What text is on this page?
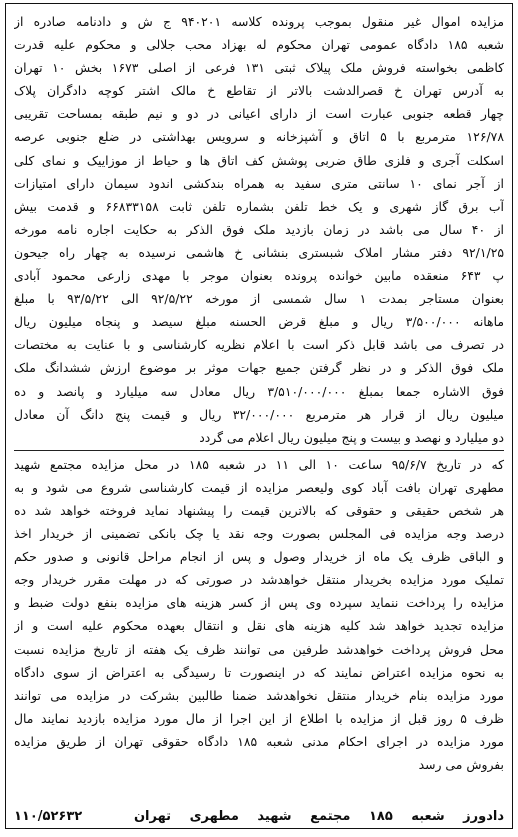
مزایده اموال غیر منقول بموجب پرونده کلاسه ۹۴۰۲۰۱ ج ش و دادنامه صادره از
شعبه ۱۸۵ دادگاه عمومی تهران محکوم له بهزاد محب جلالی و محکوم علیه قدرت
کاظمی بخواسته فروش ملک پیلاک ثبتی ۱۳۱ فرعی از اصلی ۱۶۷۳ بخش ۱۰ تهران
به آدرس تهران خ قصرالدشت بالاتر از تقاطع خ مالک اشتر کوچه دادگران پلاک
چهار قطعه جنوبی عبارت است از دارای اعیانی در دو و نیم طبقه بمساحت تقریبی
۱۲۶/۷۸ مترمربع با ۵ اتاق و آشپزخانه و سرویس بهداشتی در ضلع جنوبی عرصه
اسکلت آجری و فلزی طاق ضربی پوشش کف اتاق ها و حیاط از موزاییک و نمای کلی
از آجر نمای ۱۰ سانتی متری سفید به همراه بندکشی اندود سیمان دارای امتیازات
آب برق گاز شهری و یک خط تلفن بشماره تلفن ثابت ۶۶۸۳۳۱۵۸ و قدمت بیش
از ۴۰ سال می باشد در زمان بازدید ملک فوق الذکر به حکایت اجاره نامه مورخه
۹۲/۱/۲۵ دفتر مشار املاک شبستری بنشانی خ هاشمی نرسیده به چهار راه جیحون
پ ۶۴۳ منعقده مابین خوانده پرونده بعنوان موجر با مهدی زارعی محمود آبادی
بعنوان مستاجر بمدت ۱ سال شمسی از مورخه ۹۲/۵/۲۲ الی ۹۳/۵/۲۲ با مبلغ
ماهانه ۳/۵۰۰/۰۰۰ ریال و مبلغ قرض الحسنه مبلغ سیصد و پنجاه میلیون ریال
در تصرف می باشد قابل ذکر است با اعلام نظریه کارشناسی و با عنایت به مختصات
ملک فوق الذکر و در نظر گرفتن جمیع جهات موثر بر موضوع ارزش ششدانگ ملک
فوق الاشاره جمعا بمبلغ ۳/۵۱۰/۰۰۰/۰۰۰ ریال معادل سه میلیارد و پانصد و ده
میلیون ریال از قرار هر مترمربع ۳۲/۰۰۰/۰۰۰ ریال و قیمت پنج دانگ آن معادل
دو میلیارد و نهصد و بیست و پنج میلیون ریال اعلام می گردد
که در تاریخ ۹۵/۶/۷ ساعت ۱۰ الی ۱۱ در شعبه ۱۸۵ در محل مزایده مجتمع شهید
مطهری تهران بافت آباد کوی ولیعصر مزایده از قیمت کارشناسی شروع می شود و به
هر شخص حقیقی و حقوقی که بالاترین قیمت را پیشنهاد نماید فروخته خواهد شد ده
درصد وجه مزایده فی المجلس بصورت وجه نقد یا چک بانکی تضمینی از خریدار اخذ
و الباقی ظرف یک ماه از خریدار وصول و پس از انجام مراحل قانونی و صدور حکم
تملیک مورد مزایده بخریدار منتقل خواهدشد در صورتی که در مهلت مقرر خریدار وجه
مزایده را پرداخت ننماید سپرده وی پس از کسر هزینه های مزایده بنفع دولت ضبط و
مزایده تجدید خواهد شد کلیه هزینه های نقل و انتقال بعهده محکوم علیه است و از
محل فروش پرداخت خواهدشد طرفین می توانند ظرف یک هفته از تاریخ مزایده نسبت
به نحوه مزایده اعتراض نمایند که در اینصورت تا رسیدگی به اعتراض از سوی دادگاه
مورد مزایده بنام خریدار منتقل نخواهدشد ضمنا طالبین بشرکت در مزایده می توانند
ظرف ۵ روز قبل از مزایده با اطلاع از این اجرا از مال مورد مزایده بازدید نمایند مال
مورد مزایده در اجرای احکام مدنی شعبه ۱۸۵ دادگاه حقوقی تهران از طریق مزایده
بفروش می رسد
دادورز شعبه ۱۸۵ مجتمع شهید مطهری تهران
۱۱۰/۵۲۶۳۲
